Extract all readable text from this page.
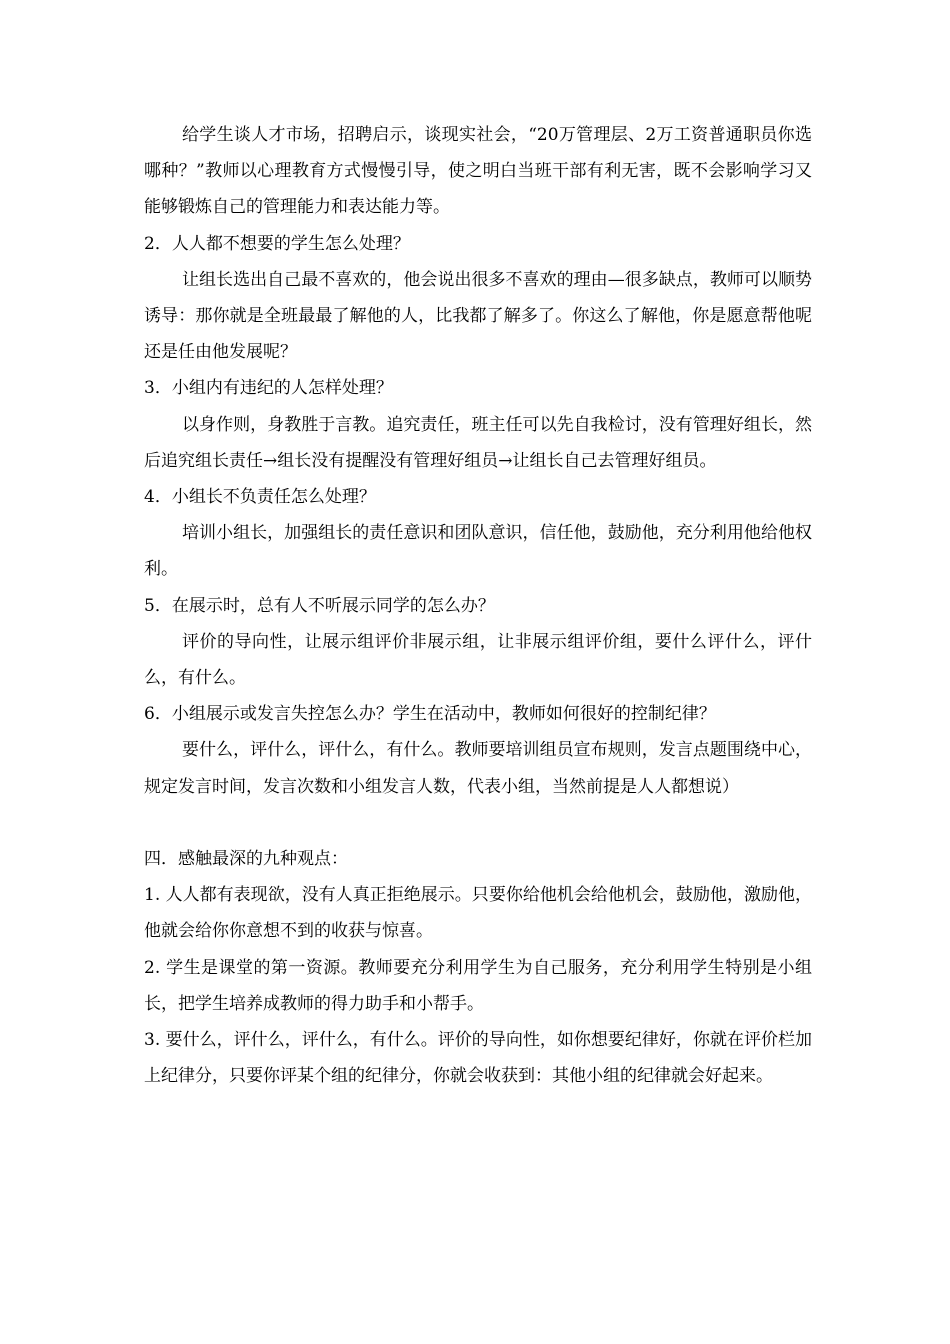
给学生谈人才市场，招聘启示，谈现实社会，“20万管理层、2万工资普通职员你选哪种？”教师以心理教育方式慢慢引导，使之明白当班干部有利无害，既不会影响学习又能够锻炼自己的管理能力和表达能力等。

2．人人都不想要的学生怎么处理？

让组长选出自己最不喜欢的，他会说出很多不喜欢的理由—很多缺点，教师可以顺势诱导：那你就是全班最最了解他的人，比我都了解多了。你这么了解他，你是愿意帮他呢还是任由他发展呢？

3．小组内有违纪的人怎样处理？

以身作则，身教胜于言教。追究责任，班主任可以先自我检讨，没有管理好组长，然后追究组长责任→组长没有提醒没有管理好组员→让组长自己去管理好组员。

4．小组长不负责任怎么处理？

培训小组长，加强组长的责任意识和团队意识，信任他，鼓励他，充分利用他给他权利。

5．在展示时，总有人不听展示同学的怎么办？

评价的导向性，让展示组评价非展示组，让非展示组评价组，要什么评什么，评什么，有什么。

6．小组展示或发言失控怎么办？学生在活动中，教师如何很好的控制纪律？

要什么，评什么，评什么，有什么。教师要培训组员宣布规则，发言点题围绕中心，规定发言时间，发言次数和小组发言人数，代表小组，当然前提是人人都想说）

四．感触最深的九种观点：

1. 人人都有表现欲，没有人真正拒绝展示。只要你给他机会给他机会，鼓励他，激励他，他就会给你你意想不到的收获与惊喜。

2. 学生是课堂的第一资源。教师要充分利用学生为自己服务，充分利用学生特别是小组长，把学生培养成教师的得力助手和小帮手。

3. 要什么，评什么，评什么，有什么。评价的导向性，如你想要纪律好，你就在评价栏加上纪律分，只要你评某个组的纪律分，你就会收获到：其他小组的纪律就会好起来。
